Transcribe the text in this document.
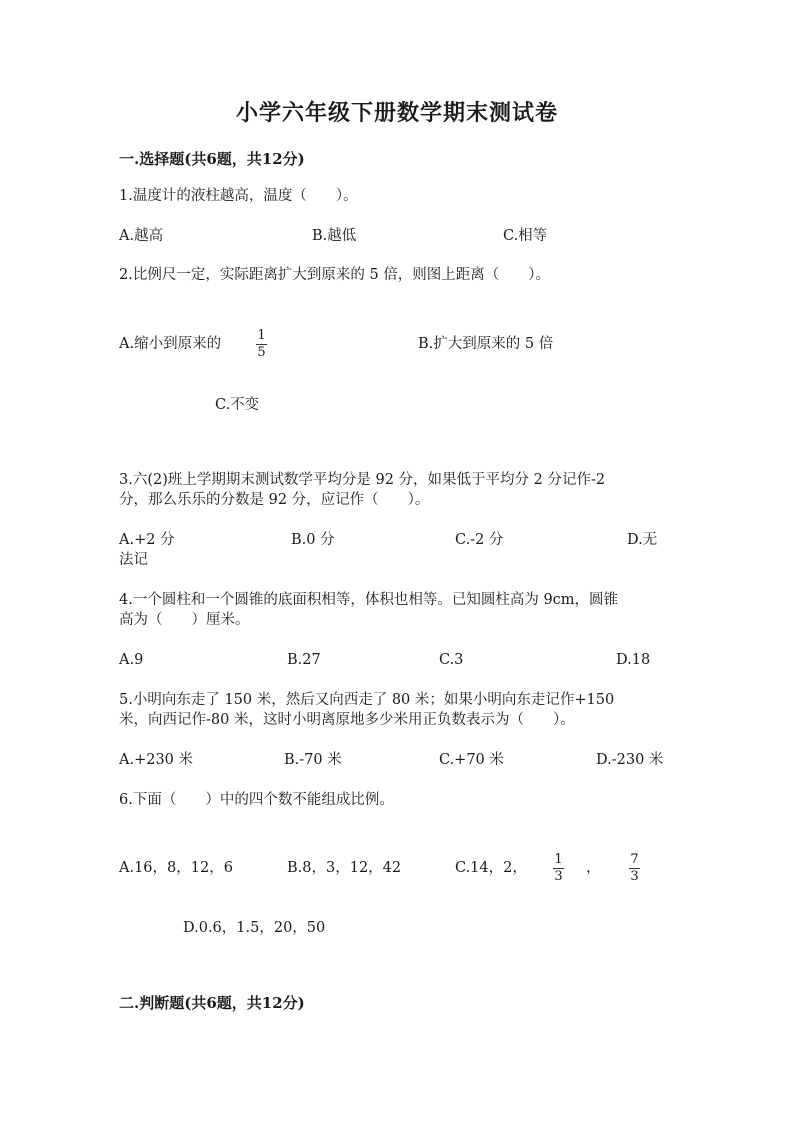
小学六年级下册数学期末测试卷
一.选择题(共6题，共12分)
1.温度计的液柱越高，温度（　　）。
A.越高	B.越低	C.相等
2.比例尺一定，实际距离扩大到原来的 5 倍，则图上距离（　　）。
A.缩小到原来的
1
5
B.扩大到原来的 5 倍
C.不变
3.六(2)班上学期期末测试数学平均分是 92 分，如果低于平均分 2 分记作-2
分，那么乐乐的分数是 92 分，应记作（　　）。
A.+2 分	B.0 分	C.-2 分	D.无
法记
4.一个圆柱和一个圆锥的底面积相等，体积也相等。已知圆柱高为 9cm，圆锥
高为（　　）厘米。
A.9	B.27	C.3	D.18
5.小明向东走了 150 米，然后又向西走了 80 米；如果小明向东走记作+150
米，向西记作-80 米，这时小明离原地多少米用正负数表示为（　　）。
A.+230 米	B.-70 米	C.+70 米	D.-230 米
6.下面（　　）中的四个数不能组成比例。
A.16，8，12，6	B.8，3，12，42	C.14，2，
1
3
，
7
3
D.0.6，1.5，20，50
二.判断题(共6题，共12分)
